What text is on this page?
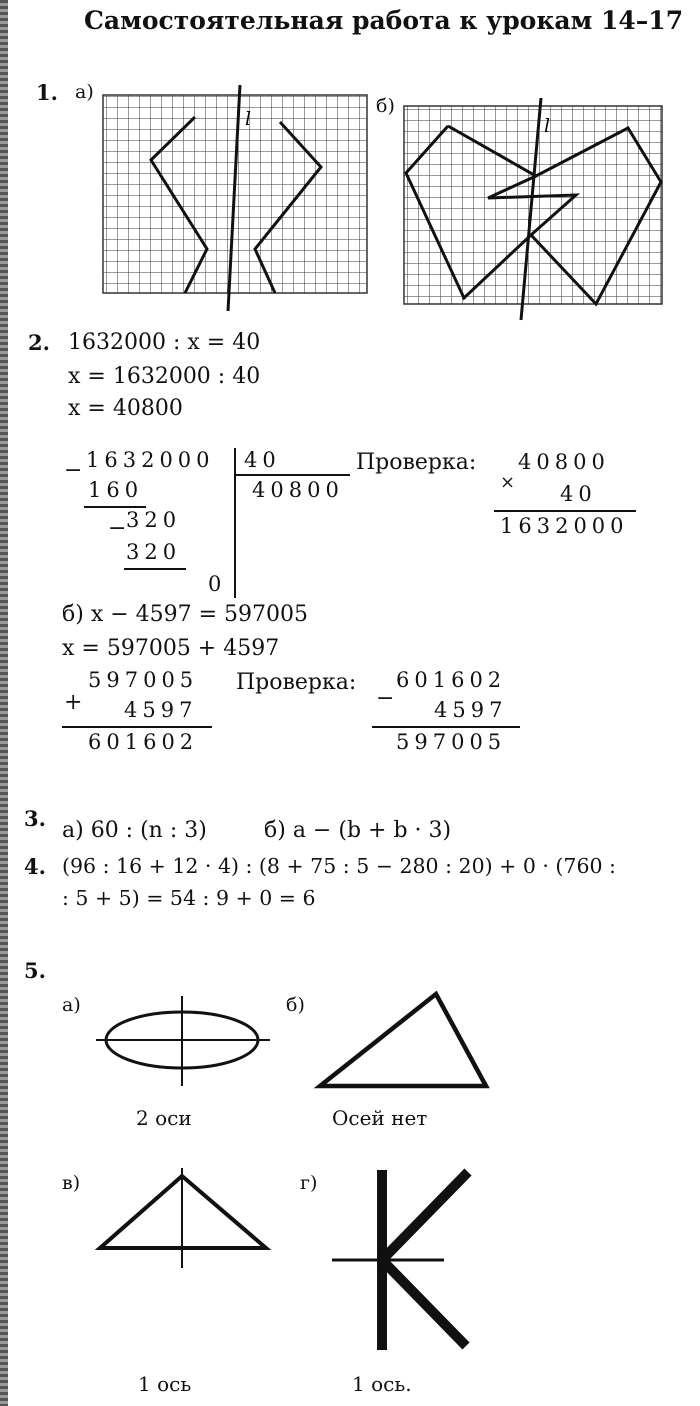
Самостоятельная работа к урокам 14–17
1. а)
б)
l	l
2. 1632000 : x = 40
x = 1632000 : 40
x = 40800
− 1632000 40
40800
160
− 320
320
0
Проверка:
×
40800
40
1632000
б) x − 4597 = 597005
x = 597005 + 4597
+
597005
4597
601602
Проверка:
−
601602
4597
597005
3. а) 60 : (n : 3)	б) a − (b + b · 3)
4. (96 : 16 + 12 · 4) : (8 + 75 : 5 − 280 : 20) + 0 · (760 :
: 5 + 5) = 54 : 9 + 0 = 6
5.
а)	б)
2 оси	Осей нет
в)	г)
1 ось	1 ось.
